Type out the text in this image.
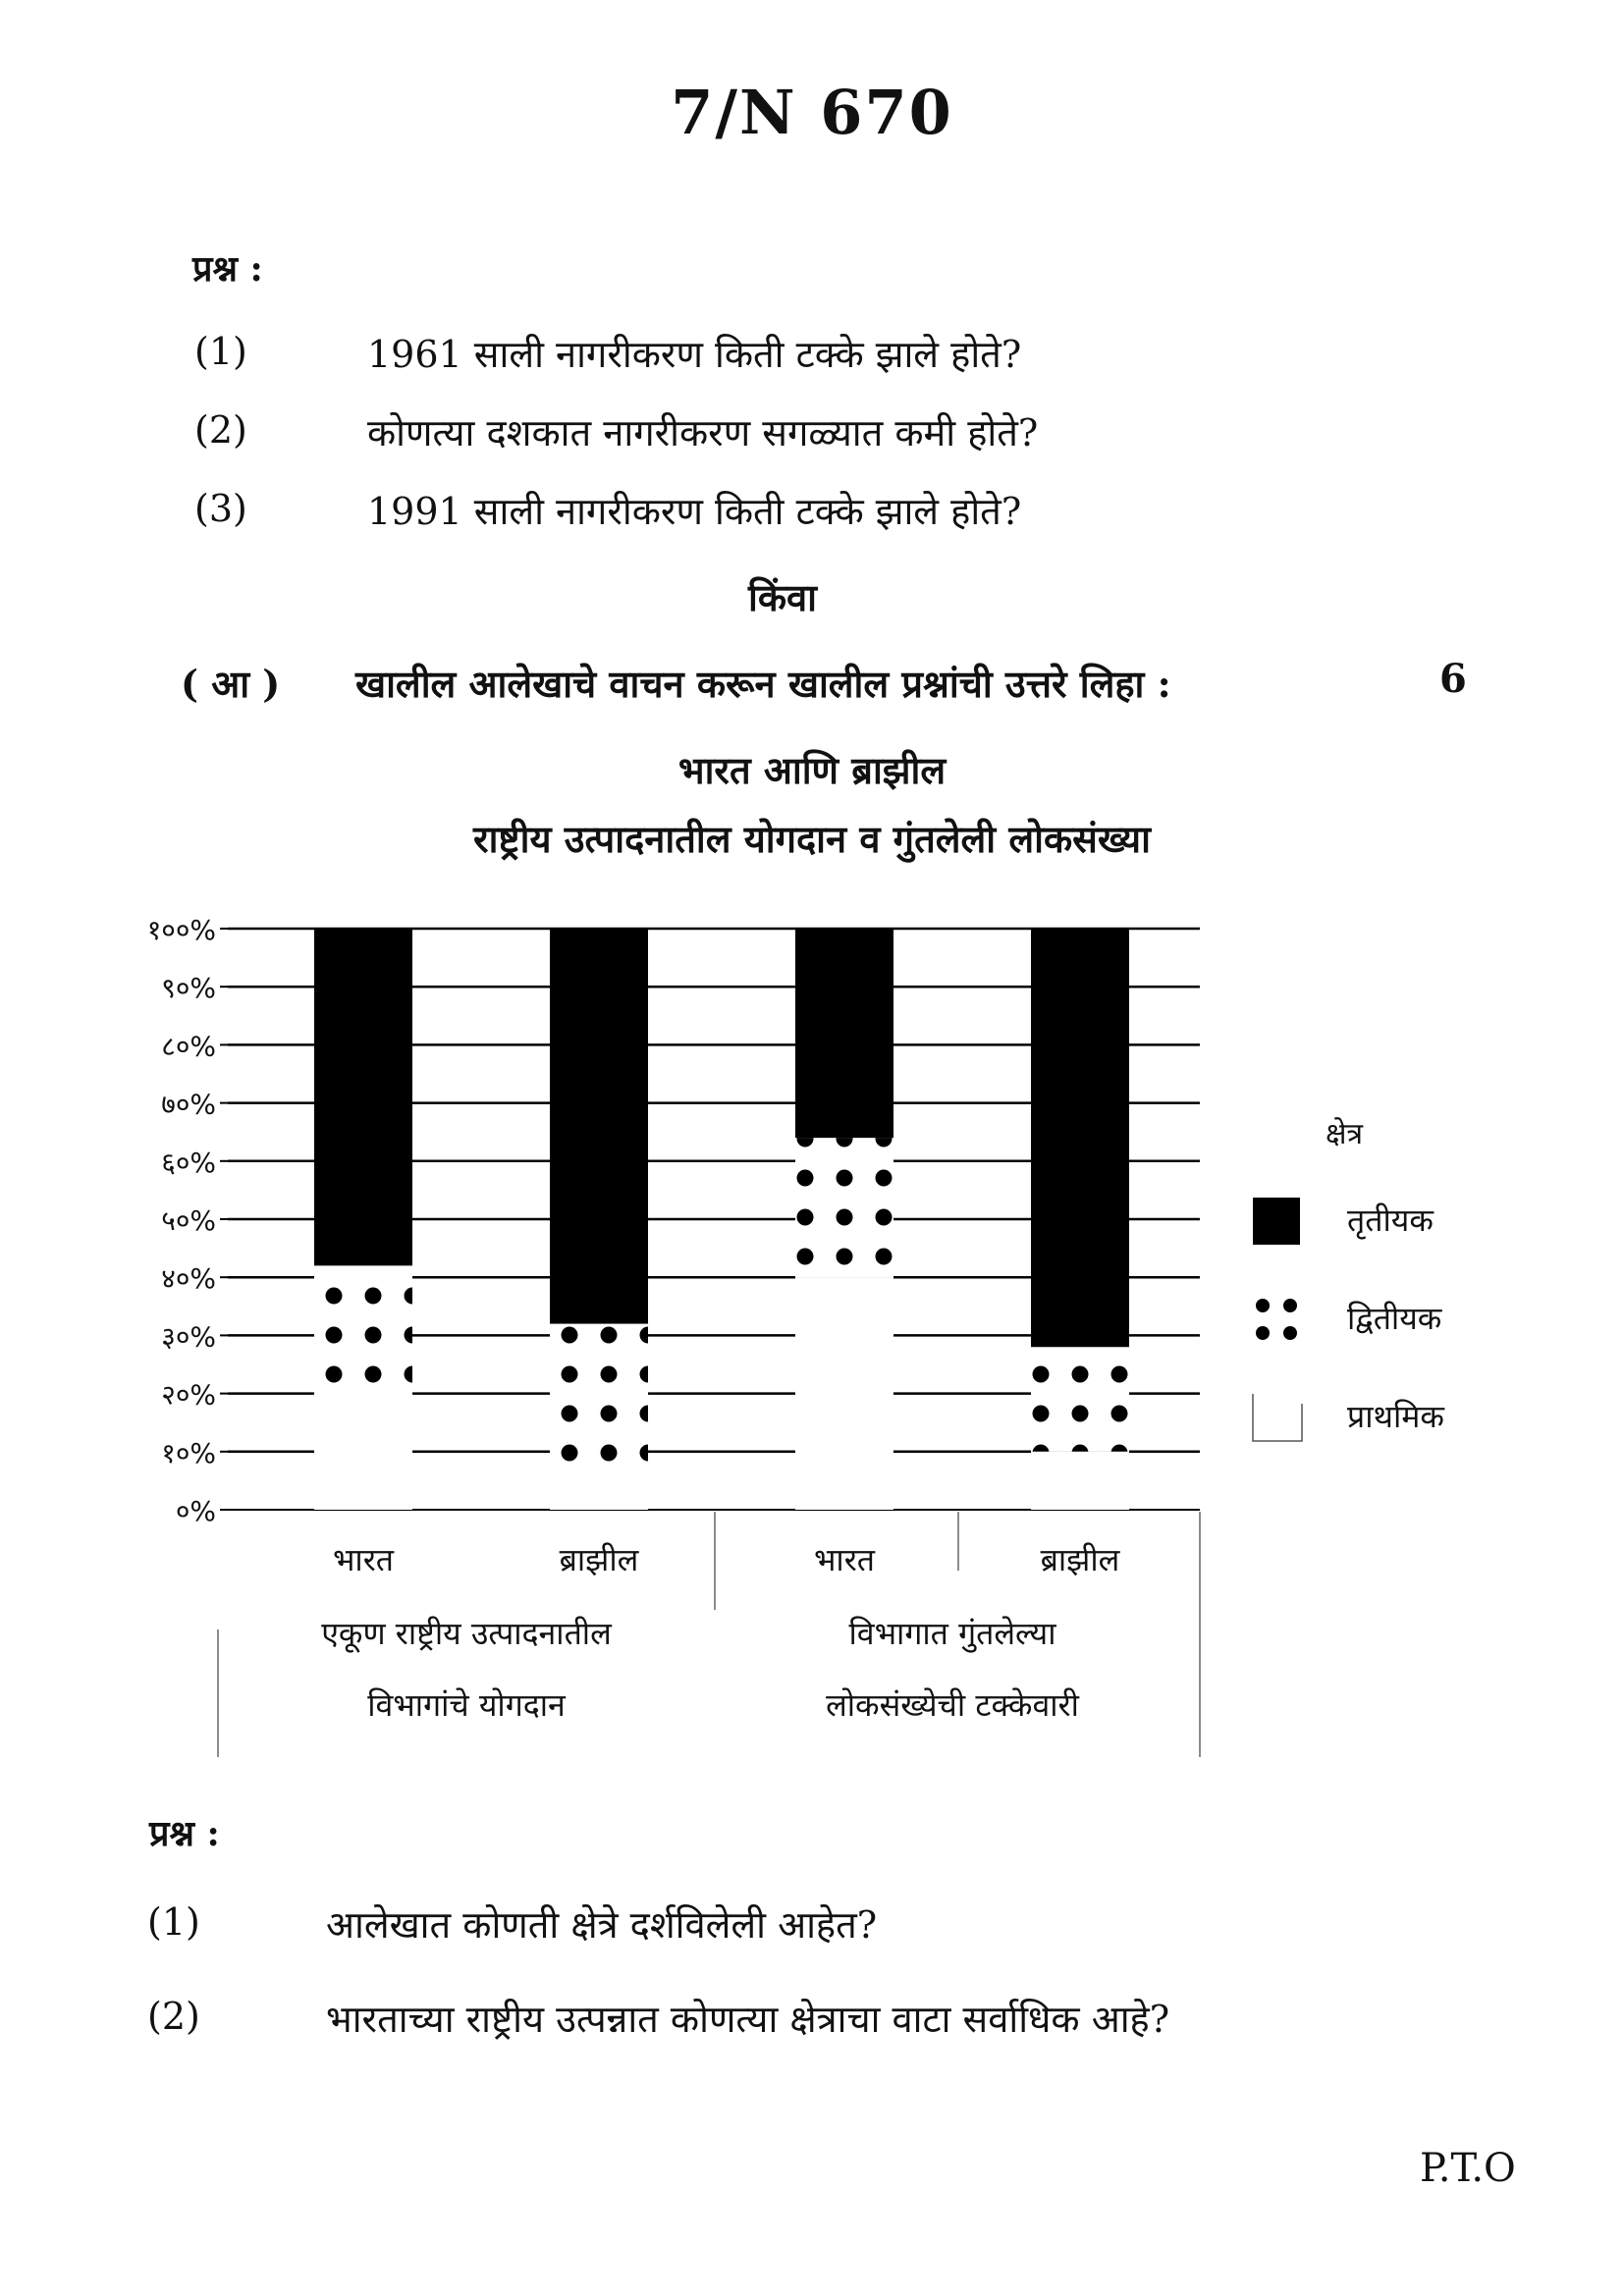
7/N 670
प्रश्न :
(1)	1961 साली नागरीकरण किती टक्के झाले होते?
(2)	कोणत्या दशकात नागरीकरण सगळ्यात कमी होते?
(3)	1991 साली नागरीकरण किती टक्के झाले होते?
किंवा
( आ ) खालील आलेखाचे वाचन करून खालील प्रश्नांची उत्तरे लिहा :	6
भारत आणि ब्राझील
राष्ट्रीय उत्पादनातील योगदान व गुंतलेली लोकसंख्या
०%
१०%
२०%
३०%
४०%
५०%
६०%
७०%
८०%
९०%
१००%
भारत	ब्राझील	भारत	ब्राझील
एकूण राष्ट्रीय उत्पादनातील
विभागांचे योगदान
विभागात गुंतलेल्या
लोकसंख्येची टक्केवारी
क्षेत्र
तृतीयक
द्वितीयक
प्राथमिक
प्रश्न :
(1)	आलेखात कोणती क्षेत्रे दर्शविलेली आहेत?
(2)	भारताच्या राष्ट्रीय उत्पन्नात कोणत्या क्षेत्राचा वाटा सर्वाधिक आहे?
P.T.O
